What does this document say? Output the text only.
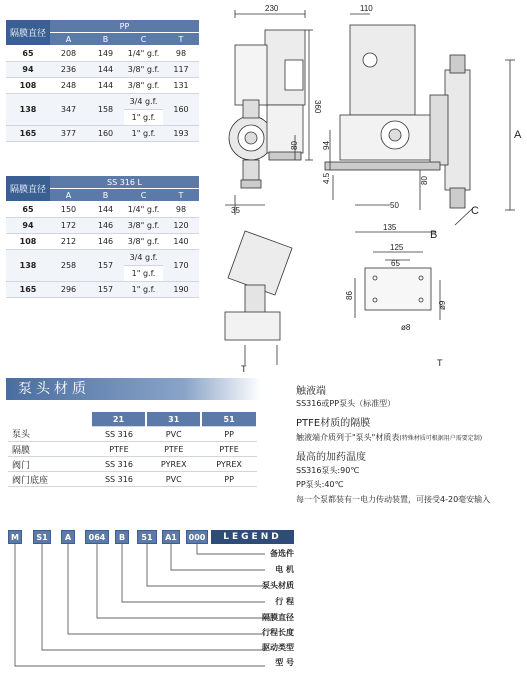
隔膜直径	PP			
	A	B	C	T
65	208	149	1/4" g.f.	98
94	236	144	3/8" g.f.	117
108	248	144	3/8" g.f.	131
138	347	158	3/4 g.f.	160
			1" g.f.	
165	377	160	1" g.f.	193
隔膜直径	SS 316 L			
	A	B	C	T
65	150	144	1/4" g.f.	98
94	172	146	3/8" g.f.	120
108	212	146	3/8" g.f.	140
138	258	157	3/4 g.f.	170
			1" g.f.	
165	296	157	1" g.f.	190
230	110
360
80	94
4.5	80
35
50
135
B
A
C
125
65
86
ø8
ø9
T
T
泵头材质
	21	31	51
泵头	SS 316	PVC	PP
隔膜	PTFE	PTFE	PTFE
阀门	SS 316	PYREX	PYREX
阀门底座	SS 316	PVC	PP
触液端
SS316或PP泵头（标准型）
PTFE材质的隔膜
触液端介质列于"泵头"材质表(特殊材质可根据用户需要定制)
最高的加药温度
SS316泵头:90℃
PP泵头:40℃
每一个泵都装有一电力传动装置，可接受4-20毫安输入
M	S1	A	064	B	51	A1	000	LEGEND
备选件
电 机
泵头材质
行 程
隔膜直径
行程长度
驱动类型
型 号
